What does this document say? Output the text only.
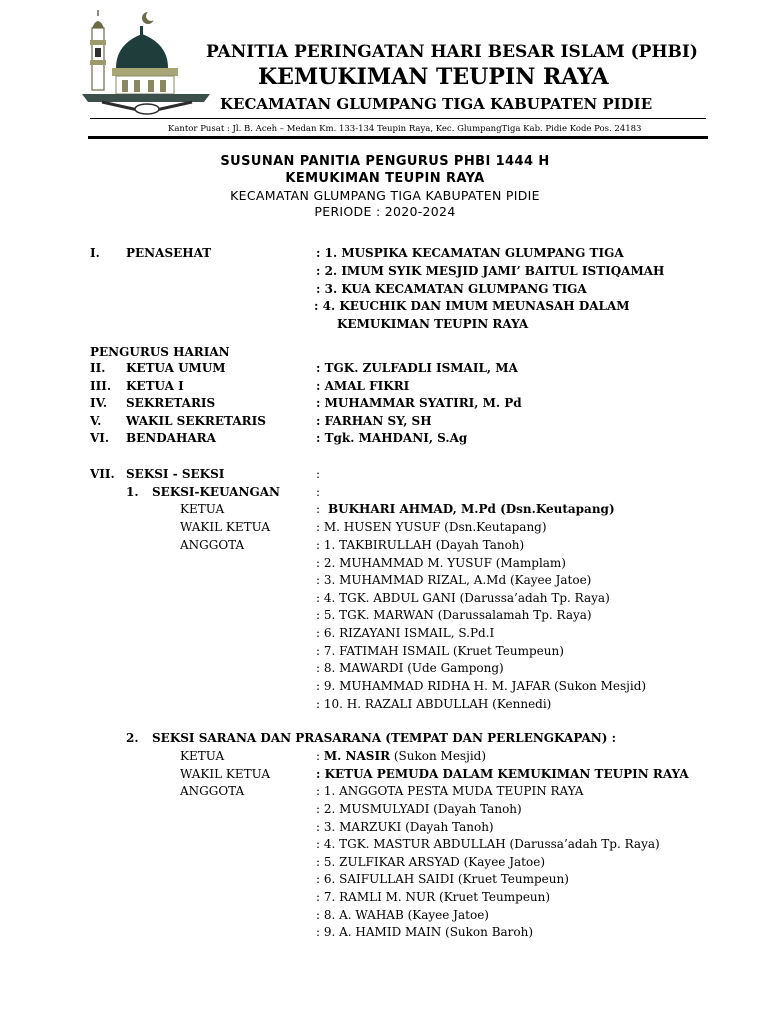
PANITIA PERINGATAN HARI BESAR ISLAM (PHBI)
KEMUKIMAN TEUPIN RAYA
KECAMATAN GLUMPANG TIGA KABUPATEN PIDIE
Kantor Pusat : Jl. B. Aceh – Medan Km. 133-134 Teupin Raya, Kec. GlumpangTiga Kab. Pidie Kode Pos. 24183
SUSUNAN PANITIA PENGURUS PHBI 1444 H
KEMUKIMAN TEUPIN RAYA
KECAMATAN GLUMPANG TIGA KABUPATEN PIDIE
PERIODE : 2020-2024
I. PENASEHAT	: 1. MUSPIKA KECAMATAN GLUMPANG TIGA
: 2. IMUM SYIK MESJID JAMI’ BAITUL ISTIQAMAH
: 3. KUA KECAMATAN GLUMPANG TIGA
: 4. KEUCHIK DAN IMUM MEUNASAH DALAM
KEMUKIMAN TEUPIN RAYA
PENGURUS HARIAN
II. KETUA UMUM	: TGK. ZULFADLI ISMAIL, MA
III. KETUA I	: AMAL FIKRI
IV. SEKRETARIS	: MUHAMMAR SYATIRI, M. Pd
V. WAKIL SEKRETARIS	: FARHAN SY, SH
VI. BENDAHARA	: Tgk. MAHDANI, S.Ag
VII. SEKSI - SEKSI	:
1. SEKSI-KEUANGAN	:
KETUA	: BUKHARI AHMAD, M.Pd (Dsn.Keutapang)
WAKIL KETUA	: M. HUSEN YUSUF (Dsn.Keutapang)
ANGGOTA	: 1. TAKBIRULLAH (Dayah Tanoh)
: 2. MUHAMMAD M. YUSUF (Mamplam)
: 3. MUHAMMAD RIZAL, A.Md (Kayee Jatoe)
: 4. TGK. ABDUL GANI (Darussa’adah Tp. Raya)
: 5. TGK. MARWAN (Darussalamah Tp. Raya)
: 6. RIZAYANI ISMAIL, S.Pd.I
: 7. FATIMAH ISMAIL (Kruet Teumpeun)
: 8. MAWARDI (Ude Gampong)
: 9. MUHAMMAD RIDHA H. M. JAFAR (Sukon Mesjid)
: 10. H. RAZALI ABDULLAH (Kennedi)
2. SEKSI SARANA DAN PRASARANA (TEMPAT DAN PERLENGKAPAN) :
KETUA	: M. NASIR (Sukon Mesjid)
WAKIL KETUA	: KETUA PEMUDA DALAM KEMUKIMAN TEUPIN RAYA
ANGGOTA	: 1. ANGGOTA PESTA MUDA TEUPIN RAYA
: 2. MUSMULYADI (Dayah Tanoh)
: 3. MARZUKI (Dayah Tanoh)
: 4. TGK. MASTUR ABDULLAH (Darussa’adah Tp. Raya)
: 5. ZULFIKAR ARSYAD (Kayee Jatoe)
: 6. SAIFULLAH SAIDI (Kruet Teumpeun)
: 7. RAMLI M. NUR (Kruet Teumpeun)
: 8. A. WAHAB (Kayee Jatoe)
: 9. A. HAMID MAIN (Sukon Baroh)
